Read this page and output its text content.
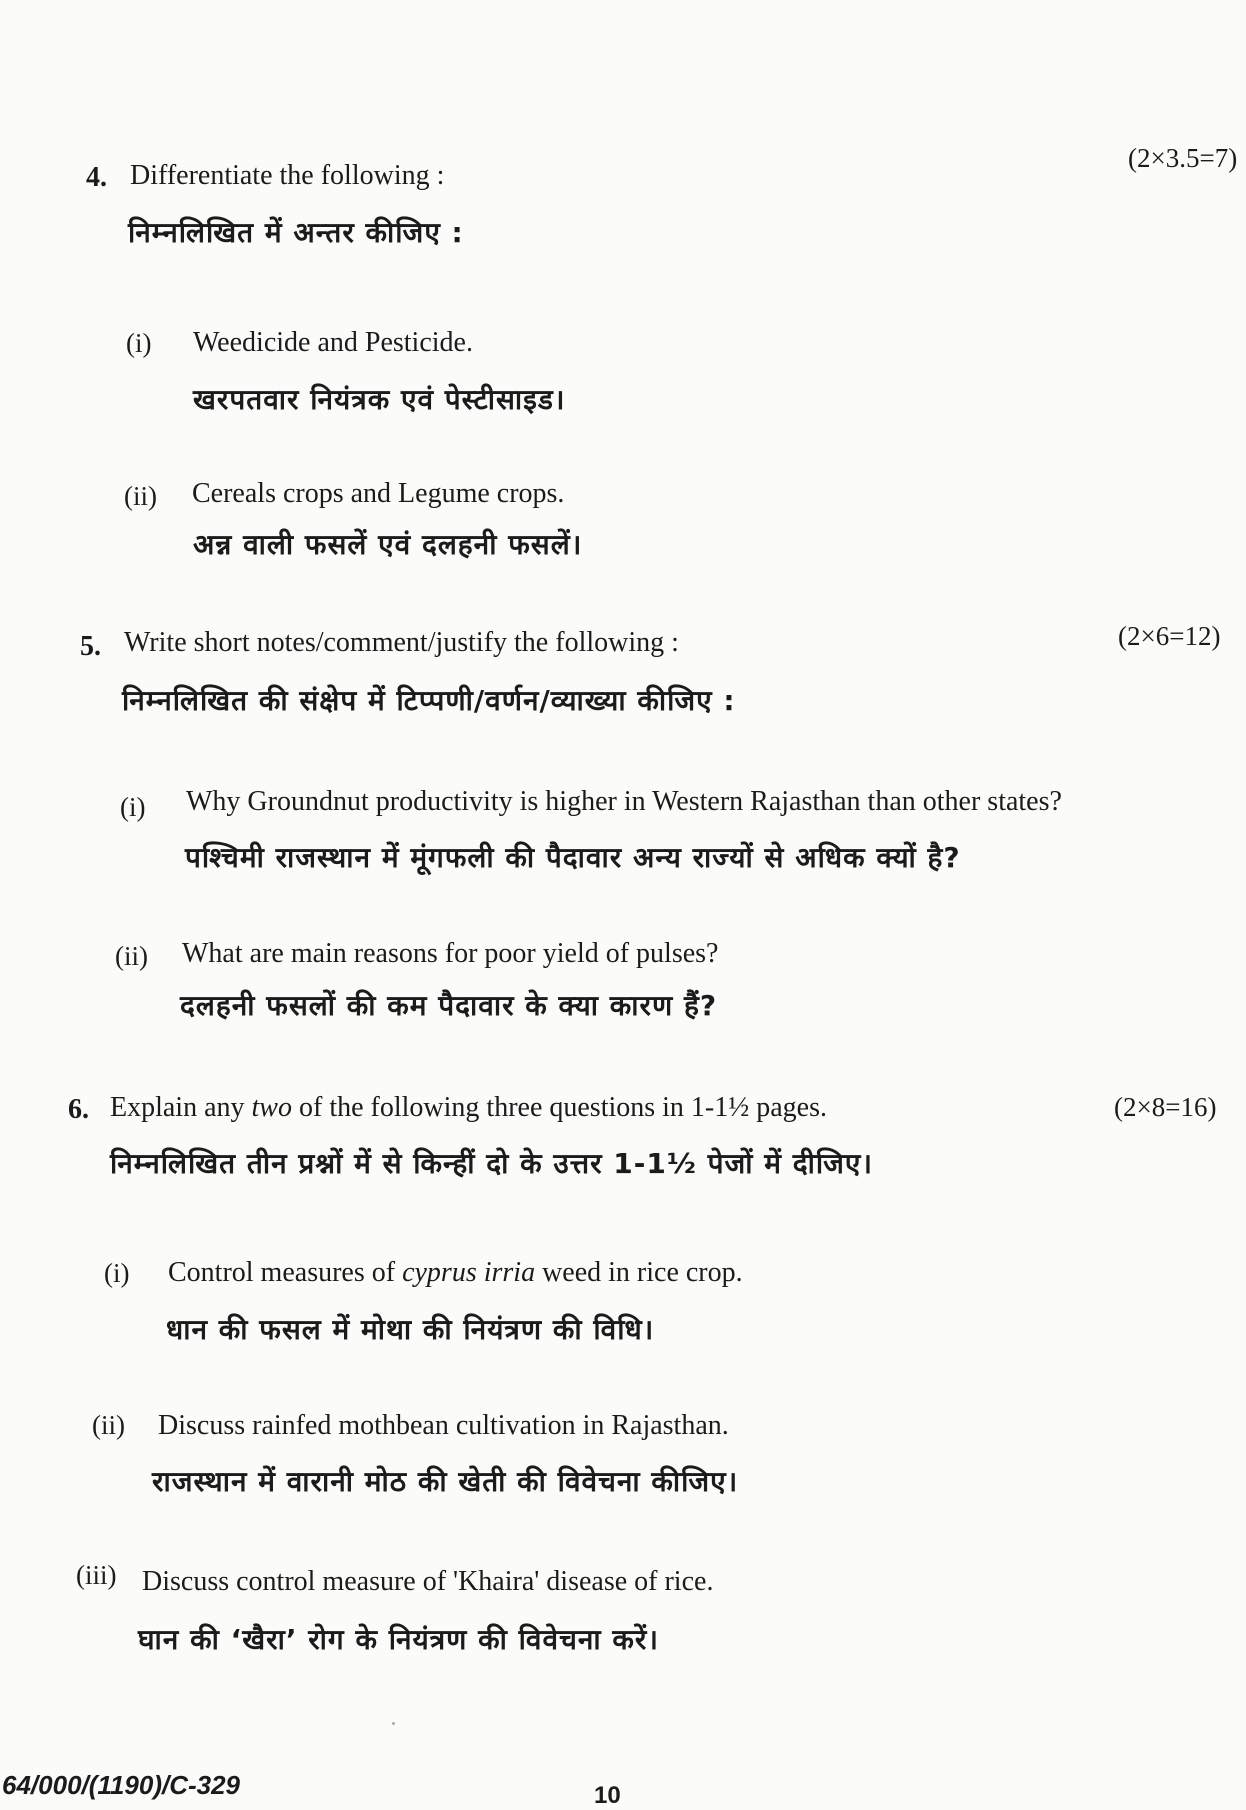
4. Differentiate the following :
(2×3.5=7)
निम्नलिखित में अन्तर कीजिए :
(i) Weedicide and Pesticide.
खरपतवार नियंत्रक एवं पेस्टीसाइड।
(ii) Cereals crops and Legume crops.
अन्न वाली फसलें एवं दलहनी फसलें।
5. Write short notes/comment/justify the following :	(2×6=12)
निम्नलिखित की संक्षेप में टिप्पणी/वर्णन/व्याख्या कीजिए :
(i) Why Groundnut productivity is higher in Western Rajasthan than other states?
पश्चिमी राजस्थान में मूंगफली की पैदावार अन्य राज्यों से अधिक क्यों है?
(ii) What are main reasons for poor yield of pulses?
दलहनी फसलों की कम पैदावार के क्या कारण हैं?
6. Explain any two of the following three questions in 1-1½ pages.	(2×8=16)
निम्नलिखित तीन प्रश्नों में से किन्हीं दो के उत्तर 1-1½ पेजों में दीजिए।
(i) Control measures of cyprus irria weed in rice crop.
धान की फसल में मोथा की नियंत्रण की विधि।
(ii) Discuss rainfed mothbean cultivation in Rajasthan.
राजस्थान में वारानी मोठ की खेती की विवेचना कीजिए।
(iii) Discuss control measure of 'Khaira' disease of rice.
घान की ‘खैरा’ रोग के नियंत्रण की विवेचना करें।
64/000/(1190)/C-329	10
